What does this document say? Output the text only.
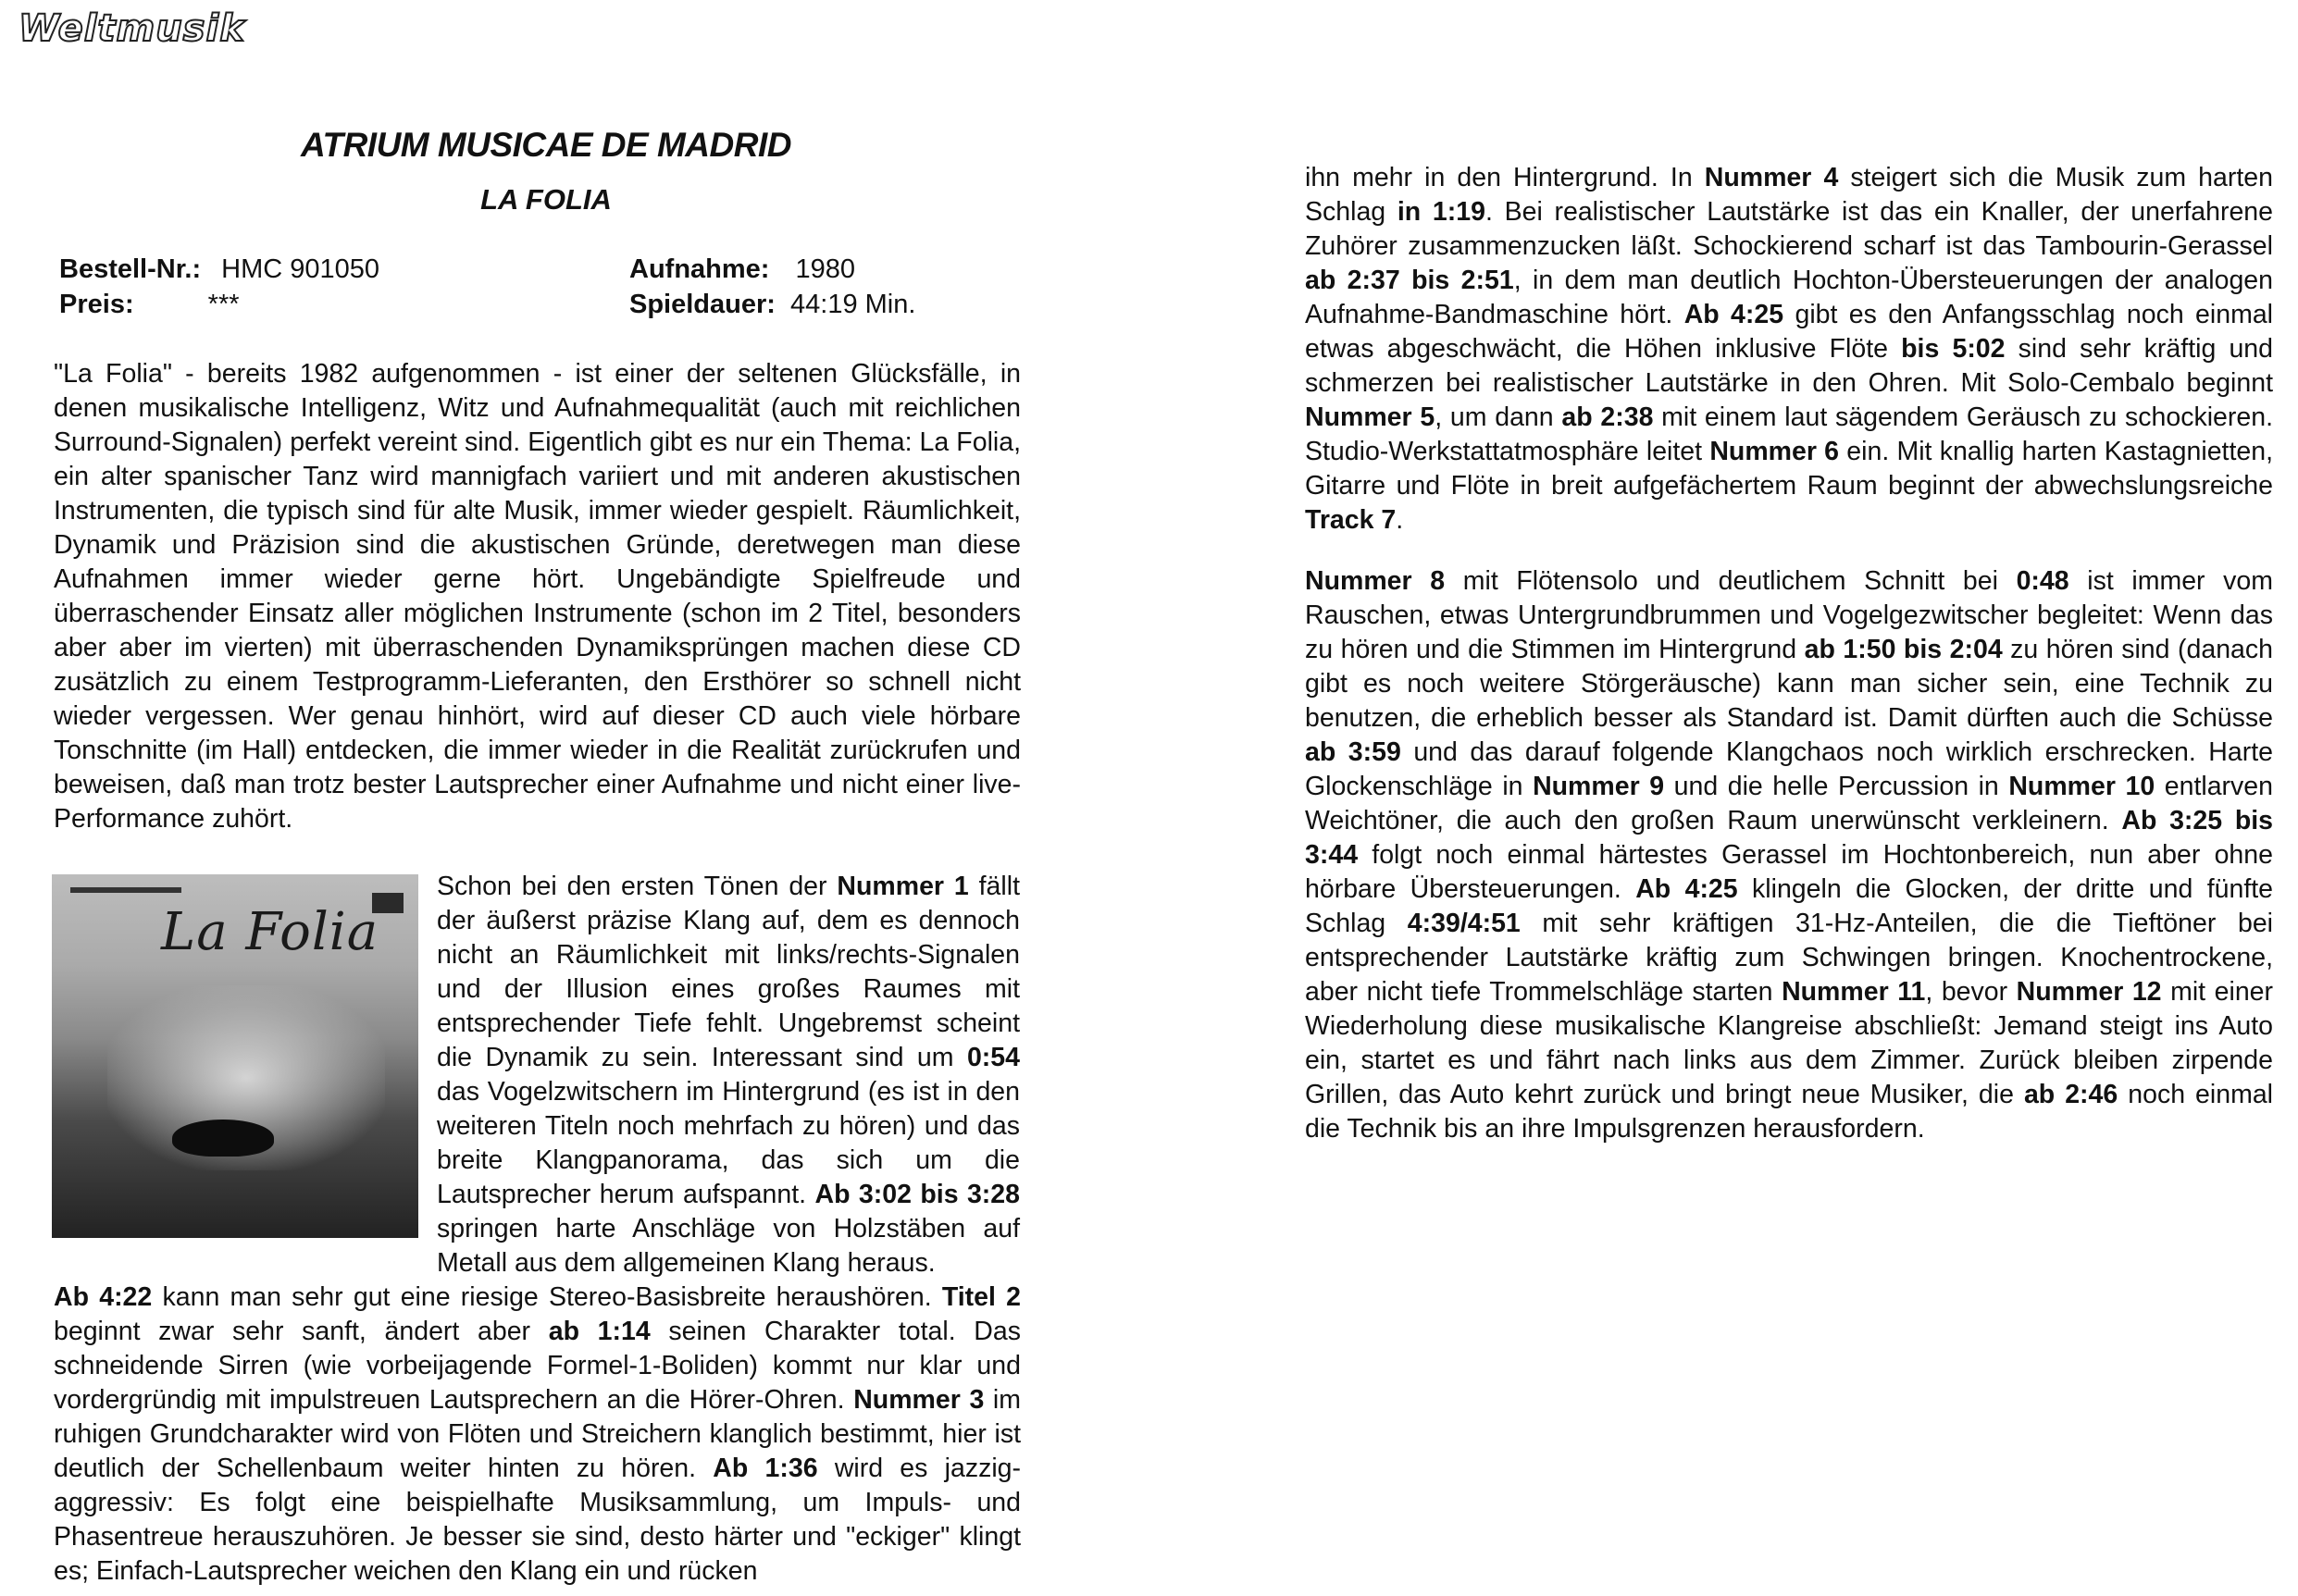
Weltmusik
ATRIUM MUSICAE DE MADRID
LA FOLIA
Bestell-Nr.: HMC 901050
Preis:	***
Aufnahme: 1980
Spieldauer: 44:19 Min.

"La Folia" - bereits 1982 aufgenommen - ist einer der seltenen Glücksfälle, in denen musikalische Intelligenz, Witz und Aufnahmequalität (auch mit reichlichen Surround-Signalen) perfekt vereint sind. Eigentlich gibt es nur ein Thema: La Folia, ein alter spanischer Tanz wird mannigfach variiert und mit anderen akustischen Instrumenten, die typisch sind für alte Musik, immer wieder gespielt. Räumlichkeit, Dynamik und Präzision sind die akustischen Gründe, deretwegen man diese Aufnahmen immer wieder gerne hört. Ungebändigte Spielfreude und überraschender Einsatz aller möglichen Instrumente (schon im 2 Titel, besonders aber aber im vierten) mit überraschenden Dynamiksprüngen machen diese CD zusätzlich zu einem Testprogramm-Lieferanten, den Ersthörer so schnell nicht wieder vergessen. Wer genau hinhört, wird auf dieser CD auch viele hörbare Tonschnitte (im Hall) entdecken, die immer wieder in die Realität zurückrufen und beweisen, daß man trotz bester Lautsprecher einer Aufnahme und nicht einer live-Performance zuhört.

La Folia

Schon bei den ersten Tönen der Nummer 1 fällt der äußerst präzise Klang auf, dem es dennoch nicht an Räumlichkeit mit links/rechts-Signalen und der Illusion eines großes Raumes mit entsprechender Tiefe fehlt. Ungebremst scheint die Dynamik zu sein. Interessant sind um 0:54 das Vogelzwitschern im Hintergrund (es ist in den weiteren Titeln noch mehrfach zu hören) und das breite Klangpanorama, das sich um die Lautsprecher herum aufspannt. Ab 3:02 bis 3:28 springen harte Anschläge von Holzstäben auf Metall aus dem allgemeinen Klang heraus.

Ab 4:22 kann man sehr gut eine riesige Stereo-Basisbreite heraushören. Titel 2 beginnt zwar sehr sanft, ändert aber ab 1:14 seinen Charakter total. Das schneidende Sirren (wie vorbeijagende Formel-1-Boliden) kommt nur klar und vordergründig mit impulstreuen Lautsprechern an die Hörer-Ohren. Nummer 3 im ruhigen Grundcharakter wird von Flöten und Streichern klanglich bestimmt, hier ist deutlich der Schellenbaum weiter hinten zu hören. Ab 1:36 wird es jazzig-aggressiv: Es folgt eine beispielhafte Musiksammlung, um Impuls- und Phasentreue herauszuhören. Je besser sie sind, desto härter und "eckiger" klingt es; Einfach-Lautsprecher weichen den Klang ein und rücken

ihn mehr in den Hintergrund. In Nummer 4 steigert sich die Musik zum harten Schlag in 1:19. Bei realistischer Lautstärke ist das ein Knaller, der unerfahrene Zuhörer zusammenzucken läßt. Schockierend scharf ist das Tambourin-Gerassel ab 2:37 bis 2:51, in dem man deutlich Hochton-Übersteuerungen der analogen Aufnahme-Bandmaschine hört. Ab 4:25 gibt es den Anfangsschlag noch einmal etwas abgeschwächt, die Höhen inklusive Flöte bis 5:02 sind sehr kräftig und schmerzen bei realistischer Lautstärke in den Ohren. Mit Solo-Cembalo beginnt Nummer 5, um dann ab 2:38 mit einem laut sägendem Geräusch zu schockieren. Studio-Werkstattatmosphäre leitet Nummer 6 ein. Mit knallig harten Kastagnietten, Gitarre und Flöte in breit aufgefächertem Raum beginnt der abwechslungsreiche Track 7.

Nummer 8 mit Flötensolo und deutlichem Schnitt bei 0:48 ist immer vom Rauschen, etwas Untergrundbrummen und Vogelgezwitscher begleitet: Wenn das zu hören und die Stimmen im Hintergrund ab 1:50 bis 2:04 zu hören sind (danach gibt es noch weitere Störgeräusche) kann man sicher sein, eine Technik zu benutzen, die erheblich besser als Standard ist. Damit dürften auch die Schüsse ab 3:59 und das darauf folgende Klangchaos noch wirklich erschrecken. Harte Glockenschläge in Nummer 9 und die helle Percussion in Nummer 10 entlarven Weichtöner, die auch den großen Raum unerwünscht verkleinern. Ab 3:25 bis 3:44 folgt noch einmal härtestes Gerassel im Hochtonbereich, nun aber ohne hörbare Übersteuerungen. Ab 4:25 klingeln die Glocken, der dritte und fünfte Schlag 4:39/4:51 mit sehr kräftigen 31-Hz-Anteilen, die die Tieftöner bei entsprechender Lautstärke kräftig zum Schwingen bringen. Knochentrockene, aber nicht tiefe Trommelschläge starten Nummer 11, bevor Nummer 12 mit einer Wiederholung diese musikalische Klangreise abschließt: Jemand steigt ins Auto ein, startet es und fährt nach links aus dem Zimmer. Zurück bleiben zirpende Grillen, das Auto kehrt zurück und bringt neue Musiker, die ab 2:46 noch einmal die Technik bis an ihre Impulsgrenzen herausfordern.
